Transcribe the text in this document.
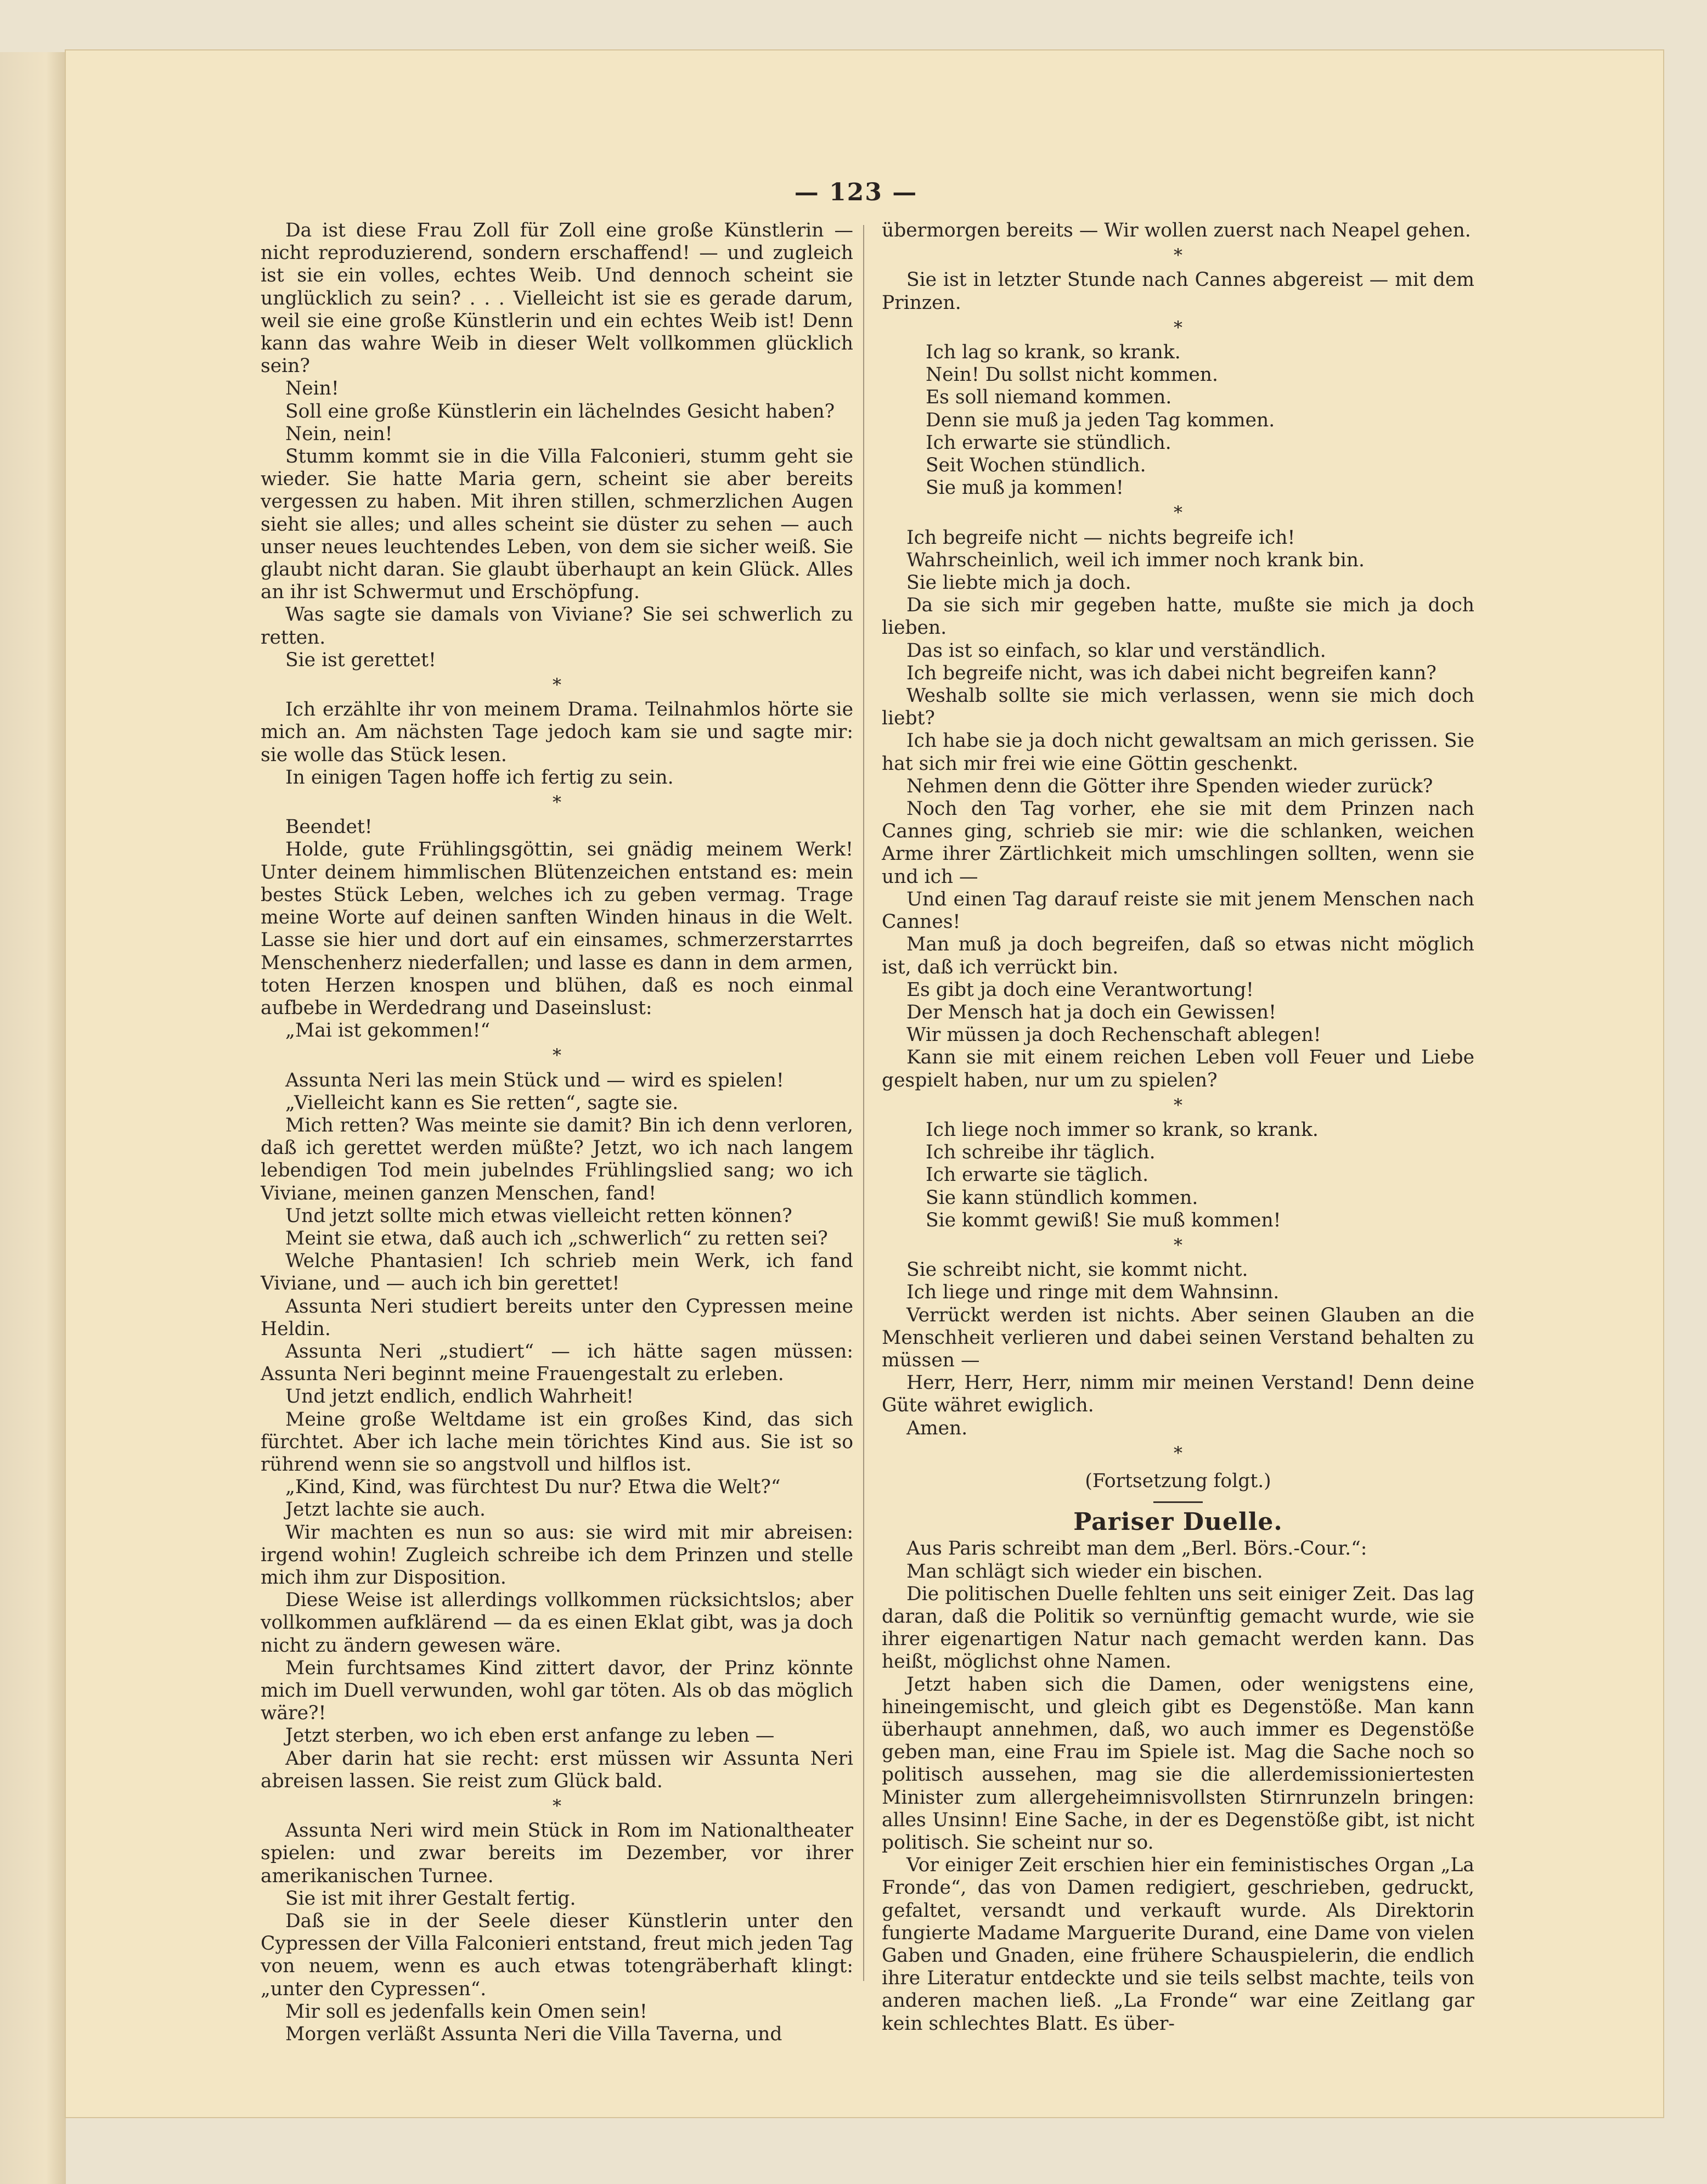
— 123 —

Da ist diese Frau Zoll für Zoll eine große Künstlerin — nicht reproduzierend, sondern erschaffend! — und zugleich ist sie ein volles, echtes Weib. Und dennoch scheint sie unglücklich zu sein? . . . Vielleicht ist sie es gerade darum, weil sie eine große Künstlerin und ein echtes Weib ist! Denn kann das wahre Weib in dieser Welt vollkommen glücklich sein?

Nein!

Soll eine große Künstlerin ein lächelndes Gesicht haben?

Nein, nein!

Stumm kommt sie in die Villa Falconieri, stumm geht sie wieder. Sie hatte Maria gern, scheint sie aber bereits vergessen zu haben. Mit ihren stillen, schmerzlichen Augen sieht sie alles; und alles scheint sie düster zu sehen — auch unser neues leuchtendes Leben, von dem sie sicher weiß. Sie glaubt nicht daran. Sie glaubt überhaupt an kein Glück. Alles an ihr ist Schwermut und Erschöpfung.

Was sagte sie damals von Viviane? Sie sei schwerlich zu retten.

Sie ist gerettet!

*

Ich erzählte ihr von meinem Drama. Teilnahmlos hörte sie mich an. Am nächsten Tage jedoch kam sie und sagte mir: sie wolle das Stück lesen.

In einigen Tagen hoffe ich fertig zu sein.

*

Beendet!

Holde, gute Frühlingsgöttin, sei gnädig meinem Werk! Unter deinem himmlischen Blütenzeichen entstand es: mein bestes Stück Leben, welches ich zu geben vermag. Trage meine Worte auf deinen sanften Winden hinaus in die Welt. Lasse sie hier und dort auf ein einsames, schmerzerstarrtes Menschenherz niederfallen; und lasse es dann in dem armen, toten Herzen knospen und blühen, daß es noch einmal aufbebe in Werdedrang und Daseinslust:

„Mai ist gekommen!“

*

Assunta Neri las mein Stück und — wird es spielen!

„Vielleicht kann es Sie retten“, sagte sie.

Mich retten? Was meinte sie damit? Bin ich denn verloren, daß ich gerettet werden müßte? Jetzt, wo ich nach langem lebendigen Tod mein jubelndes Frühlingslied sang; wo ich Viviane, meinen ganzen Menschen, fand!

Und jetzt sollte mich etwas vielleicht retten können?

Meint sie etwa, daß auch ich „schwerlich“ zu retten sei?

Welche Phantasien! Ich schrieb mein Werk, ich fand Viviane, und — auch ich bin gerettet!

Assunta Neri studiert bereits unter den Cypressen meine Heldin.

Assunta Neri „studiert“ — ich hätte sagen müssen: Assunta Neri beginnt meine Frauengestalt zu erleben.

Und jetzt endlich, endlich Wahrheit!

Meine große Weltdame ist ein großes Kind, das sich fürchtet. Aber ich lache mein törichtes Kind aus. Sie ist so rührend wenn sie so angstvoll und hilflos ist.

„Kind, Kind, was fürchtest Du nur? Etwa die Welt?“

Jetzt lachte sie auch.

Wir machten es nun so aus: sie wird mit mir abreisen: irgend wohin! Zugleich schreibe ich dem Prinzen und stelle mich ihm zur Disposition.

Diese Weise ist allerdings vollkommen rücksichtslos; aber vollkommen aufklärend — da es einen Eklat gibt, was ja doch nicht zu ändern gewesen wäre.

Mein furchtsames Kind zittert davor, der Prinz könnte mich im Duell verwunden, wohl gar töten. Als ob das möglich wäre?!

Jetzt sterben, wo ich eben erst anfange zu leben —

Aber darin hat sie recht: erst müssen wir Assunta Neri abreisen lassen. Sie reist zum Glück bald.

*

Assunta Neri wird mein Stück in Rom im Nationaltheater spielen: und zwar bereits im Dezember, vor ihrer amerikanischen Turnee.

Sie ist mit ihrer Gestalt fertig.

Daß sie in der Seele dieser Künstlerin unter den Cypressen der Villa Falconieri entstand, freut mich jeden Tag von neuem, wenn es auch etwas totengräberhaft klingt: „unter den Cypressen“.

Mir soll es jedenfalls kein Omen sein!

Morgen verläßt Assunta Neri die Villa Taverna, und

übermorgen bereits — Wir wollen zuerst nach Neapel gehen.

*

Sie ist in letzter Stunde nach Cannes abgereist — mit dem Prinzen.

*

Ich lag so krank, so krank.

Nein! Du sollst nicht kommen.

Es soll niemand kommen.

Denn sie muß ja jeden Tag kommen.

Ich erwarte sie stündlich.

Seit Wochen stündlich.

Sie muß ja kommen!

*

Ich begreife nicht — nichts begreife ich!

Wahrscheinlich, weil ich immer noch krank bin.

Sie liebte mich ja doch.

Da sie sich mir gegeben hatte, mußte sie mich ja doch lieben.

Das ist so einfach, so klar und verständlich.

Ich begreife nicht, was ich dabei nicht begreifen kann?

Weshalb sollte sie mich verlassen, wenn sie mich doch liebt?

Ich habe sie ja doch nicht gewaltsam an mich gerissen. Sie hat sich mir frei wie eine Göttin geschenkt.

Nehmen denn die Götter ihre Spenden wieder zurück?

Noch den Tag vorher, ehe sie mit dem Prinzen nach Cannes ging, schrieb sie mir: wie die schlanken, weichen Arme ihrer Zärtlichkeit mich umschlingen sollten, wenn sie und ich —

Und einen Tag darauf reiste sie mit jenem Menschen nach Cannes!

Man muß ja doch begreifen, daß so etwas nicht möglich ist, daß ich verrückt bin.

Es gibt ja doch eine Verantwortung!

Der Mensch hat ja doch ein Gewissen!

Wir müssen ja doch Rechenschaft ablegen!

Kann sie mit einem reichen Leben voll Feuer und Liebe gespielt haben, nur um zu spielen?

*

Ich liege noch immer so krank, so krank.

Ich schreibe ihr täglich.

Ich erwarte sie täglich.

Sie kann stündlich kommen.

Sie kommt gewiß! Sie muß kommen!

*

Sie schreibt nicht, sie kommt nicht.

Ich liege und ringe mit dem Wahnsinn.

Verrückt werden ist nichts. Aber seinen Glauben an die Menschheit verlieren und dabei seinen Verstand behalten zu müssen —

Herr, Herr, Herr, nimm mir meinen Verstand! Denn deine Güte währet ewiglich.

Amen.

*

(Fortsetzung folgt.)

Pariser Duelle.

Aus Paris schreibt man dem „Berl. Börs.-Cour.“:

Man schlägt sich wieder ein bischen.

Die politischen Duelle fehlten uns seit einiger Zeit. Das lag daran, daß die Politik so vernünftig gemacht wurde, wie sie ihrer eigenartigen Natur nach gemacht werden kann. Das heißt, möglichst ohne Namen.

Jetzt haben sich die Damen, oder wenigstens eine, hineingemischt, und gleich gibt es Degenstöße. Man kann überhaupt annehmen, daß, wo auch immer es Degenstöße geben man, eine Frau im Spiele ist. Mag die Sache noch so politisch aussehen, mag sie die allerdemissioniertesten Minister zum allergeheimnisvollsten Stirnrunzeln bringen: alles Unsinn! Eine Sache, in der es Degenstöße gibt, ist nicht politisch. Sie scheint nur so.

Vor einiger Zeit erschien hier ein feministisches Organ „La Fronde“, das von Damen redigiert, geschrieben, gedruckt, gefaltet, versandt und verkauft wurde. Als Direktorin fungierte Madame Marguerite Durand, eine Dame von vielen Gaben und Gnaden, eine frühere Schauspielerin, die endlich ihre Literatur entdeckte und sie teils selbst machte, teils von anderen machen ließ. „La Fronde“ war eine Zeitlang gar kein schlechtes Blatt. Es über-
